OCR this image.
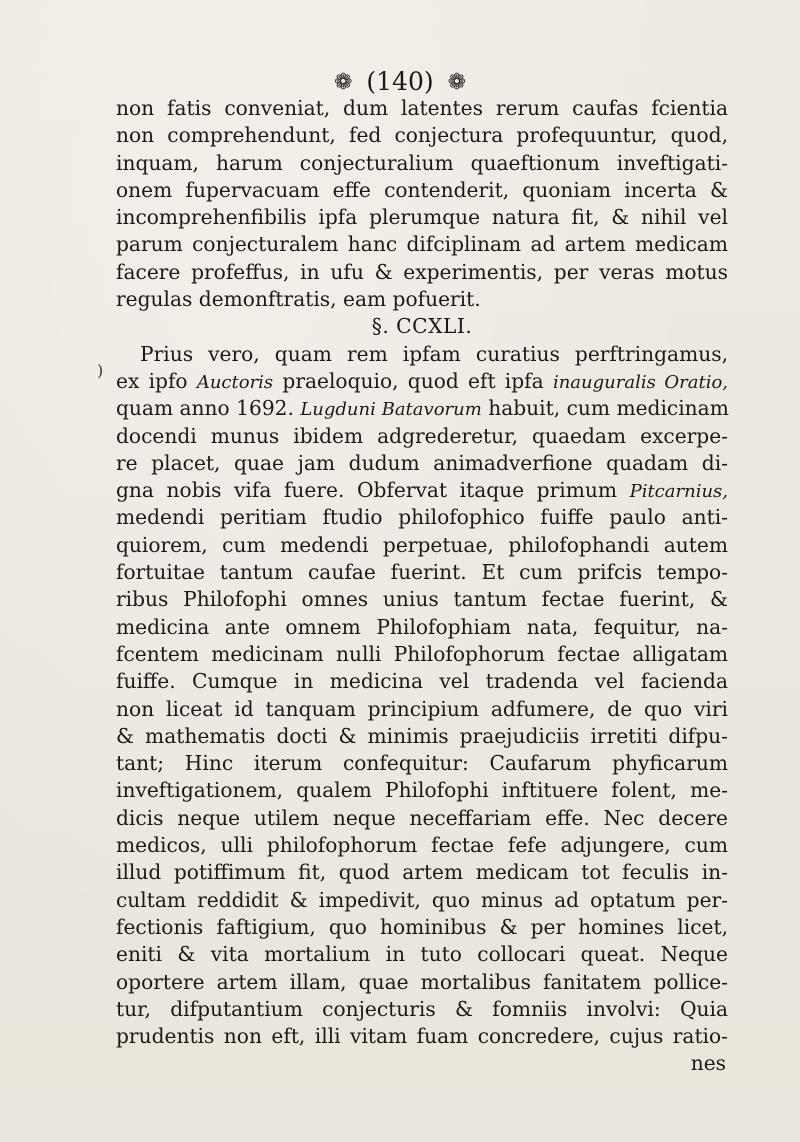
❁ (140) ❁
)
non fatis conveniat, dum latentes rerum caufas fcientia
non comprehendunt, fed conjectura profequuntur, quod,
inquam, harum conjecturalium quaeftionum inveftigati-
onem fupervacuam effe contenderit, quoniam incerta &
incomprehenfibilis ipfa plerumque natura fit, & nihil vel
parum conjecturalem hanc difciplinam ad artem medicam
facere profeffus, in ufu & experimentis, per veras motus
regulas demonftratis, eam pofuerit.
§. CCXLI.
Prius vero, quam rem ipfam curatius perftringamus,
ex ipfo Auctoris praeloquio, quod eft ipfa inauguralis Oratio,
quam anno 1692. Lugduni Batavorum habuit, cum medicinam
docendi munus ibidem adgrederetur, quaedam excerpe-
re placet, quae jam dudum animadverfione quadam di-
gna nobis vifa fuere. Obfervat itaque primum Pitcarnius,
medendi peritiam ftudio philofophico fuiffe paulo anti-
quiorem, cum medendi perpetuae, philofophandi autem
fortuitae tantum caufae fuerint. Et cum prifcis tempo-
ribus Philofophi omnes unius tantum fectae fuerint, &
medicina ante omnem Philofophiam nata, fequitur, na-
fcentem medicinam nulli Philofophorum fectae alligatam
fuiffe. Cumque in medicina vel tradenda vel facienda
non liceat id tanquam principium adfumere, de quo viri
& mathematis docti & minimis praejudiciis irretiti difpu-
tant; Hinc iterum confequitur: Caufarum phyficarum
inveftigationem, qualem Philofophi inftituere folent, me-
dicis neque utilem neque neceffariam effe. Nec decere
medicos, ulli philofophorum fectae fefe adjungere, cum
illud potiffimum fit, quod artem medicam tot feculis in-
cultam reddidit & impedivit, quo minus ad optatum per-
fectionis faftigium, quo hominibus & per homines licet,
eniti & vita mortalium in tuto collocari queat. Neque
oportere artem illam, quae mortalibus fanitatem pollice-
tur, difputantium conjecturis & fomniis involvi: Quia
prudentis non eft, illi vitam fuam concredere, cujus ratio-
nes
